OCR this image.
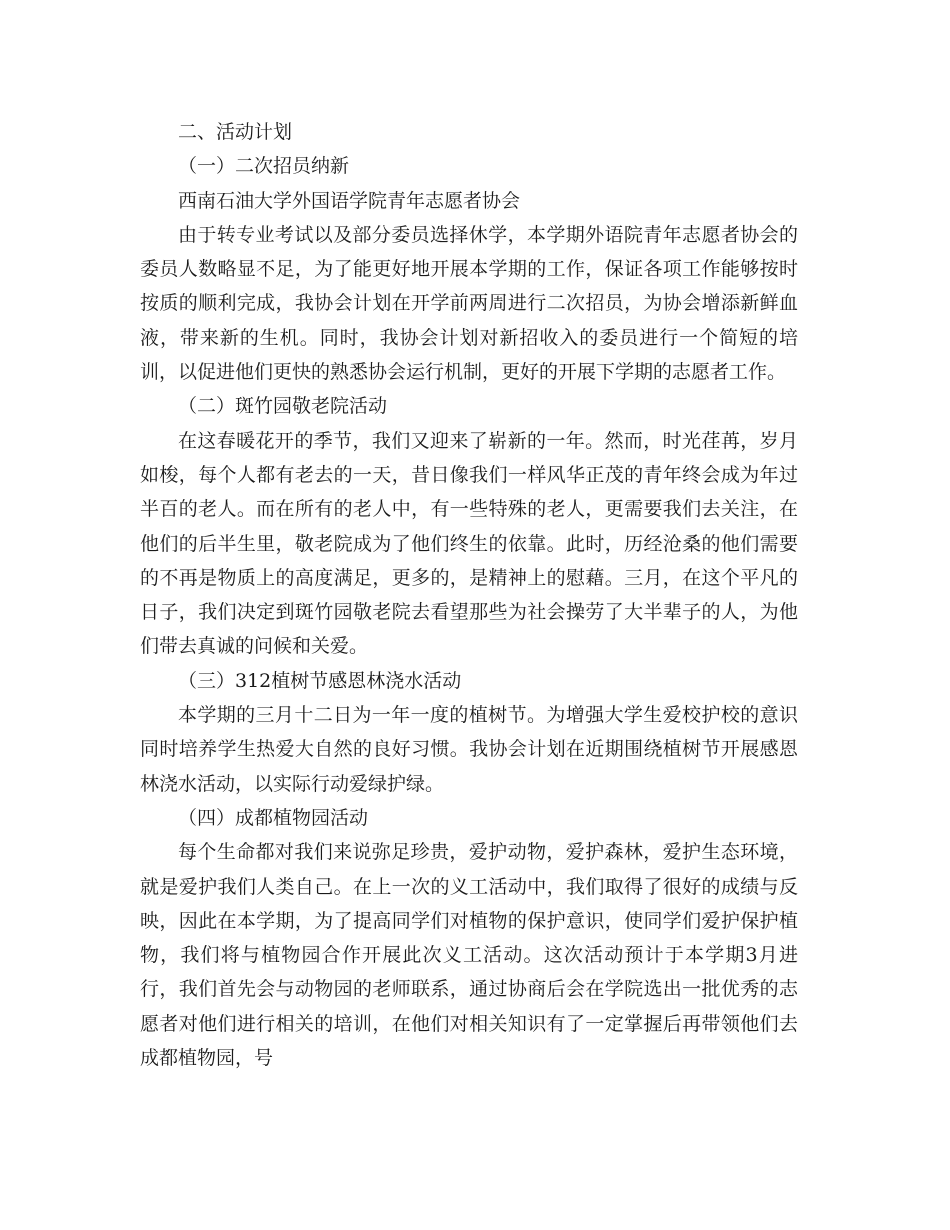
二、活动计划

（一）二次招员纳新

西南石油大学外国语学院青年志愿者协会

由于转专业考试以及部分委员选择休学，本学期外语院青年志愿者协会的委员人数略显不足，为了能更好地开展本学期的工作，保证各项工作能够按时按质的顺利完成，我协会计划在开学前两周进行二次招员，为协会增添新鲜血液，带来新的生机。同时，我协会计划对新招收入的委员进行一个简短的培训，以促进他们更快的熟悉协会运行机制，更好的开展下学期的志愿者工作。

（二）斑竹园敬老院活动

在这春暖花开的季节，我们又迎来了崭新的一年。然而，时光荏苒，岁月如梭，每个人都有老去的一天，昔日像我们一样风华正茂的青年终会成为年过半百的老人。而在所有的老人中，有一些特殊的老人，更需要我们去关注，在他们的后半生里，敬老院成为了他们终生的依靠。此时，历经沧桑的他们需要的不再是物质上的高度满足，更多的，是精神上的慰藉。三月，在这个平凡的日子，我们决定到斑竹园敬老院去看望那些为社会操劳了大半辈子的人，为他们带去真诚的问候和关爱。

（三）312植树节感恩林浇水活动

本学期的三月十二日为一年一度的植树节。为增强大学生爱校护校的意识同时培养学生热爱大自然的良好习惯。我协会计划在近期围绕植树节开展感恩林浇水活动，以实际行动爱绿护绿。

（四）成都植物园活动

每个生命都对我们来说弥足珍贵，爱护动物，爱护森林，爱护生态环境，就是爱护我们人类自己。在上一次的义工活动中，我们取得了很好的成绩与反映，因此在本学期，为了提高同学们对植物的保护意识，使同学们爱护保护植物，我们将与植物园合作开展此次义工活动。这次活动预计于本学期3月进行，我们首先会与动物园的老师联系，通过协商后会在学院选出一批优秀的志愿者对他们进行相关的培训，在他们对相关知识有了一定掌握后再带领他们去成都植物园，号
